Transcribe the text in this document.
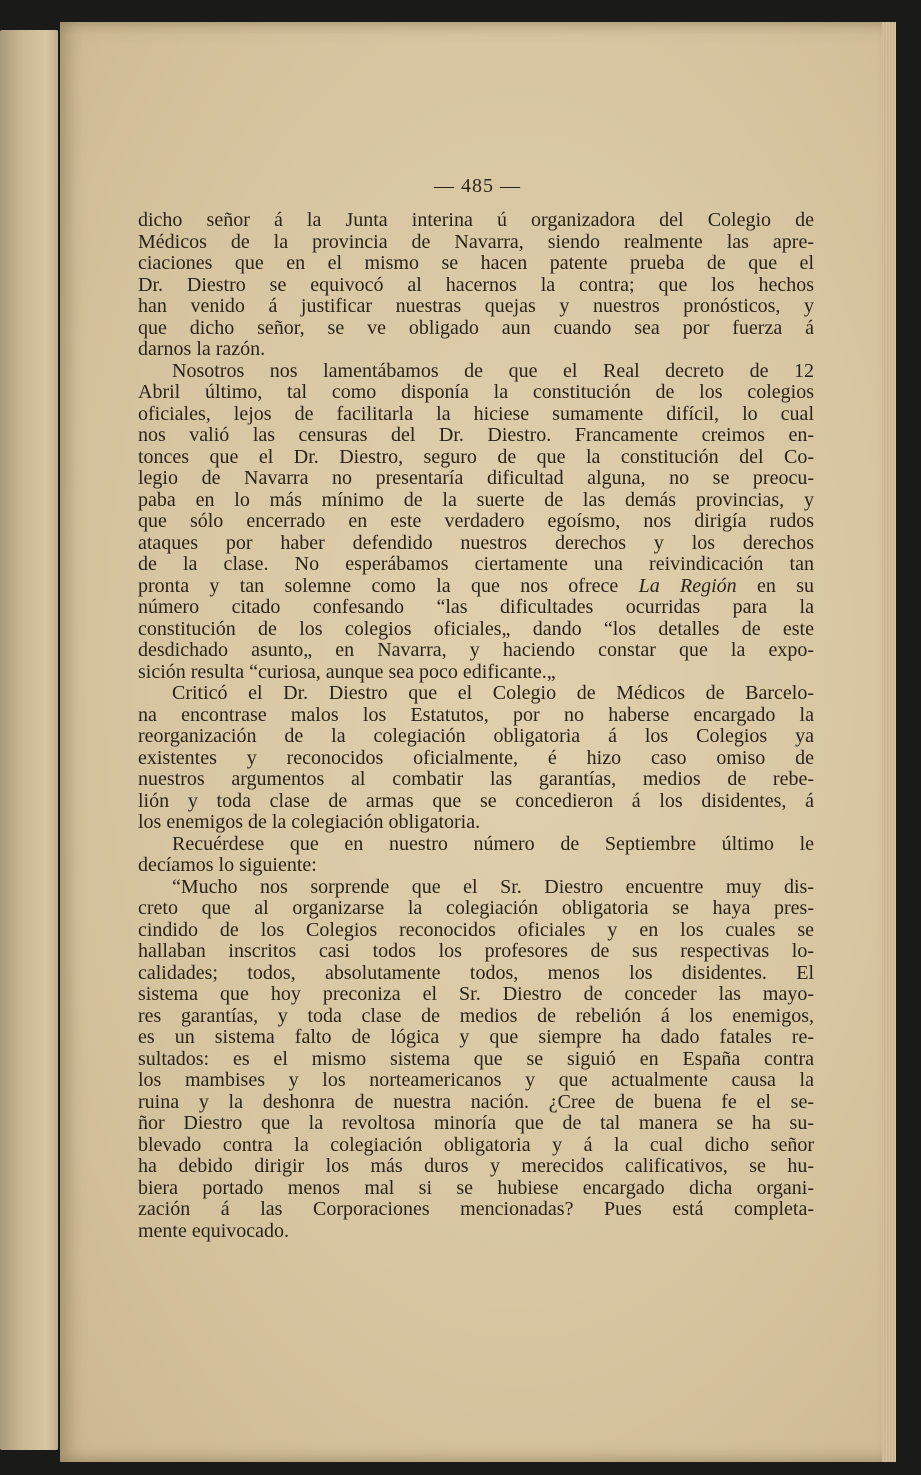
— 485 —
dicho señor á la Junta interina ú organizadora del Colegio de
Médicos de la provincia de Navarra, siendo realmente las apre-
ciaciones que en el mismo se hacen patente prueba de que el
Dr. Diestro se equivocó al hacernos la contra; que los hechos
han venido á justificar nuestras quejas y nuestros pronósticos, y
que dicho señor, se ve obligado aun cuando sea por fuerza á
darnos la razón.
Nosotros nos lamentábamos de que el Real decreto de 12
Abril último, tal como disponía la constitución de los colegios
oficiales, lejos de facilitarla la hiciese sumamente difícil, lo cual
nos valió las censuras del Dr. Diestro. Francamente creimos en-
tonces que el Dr. Diestro, seguro de que la constitución del Co-
legio de Navarra no presentaría dificultad alguna, no se preocu-
paba en lo más mínimo de la suerte de las demás provincias, y
que sólo encerrado en este verdadero egoísmo, nos dirigía rudos
ataques por haber defendido nuestros derechos y los derechos
de la clase. No esperábamos ciertamente una reivindicación tan
pronta y tan solemne como la que nos ofrece La Región en su
número citado confesando “las dificultades ocurridas para la
constitución de los colegios oficiales„ dando “los detalles de este
desdichado asunto„ en Navarra, y haciendo constar que la expo-
sición resulta “curiosa, aunque sea poco edificante.„
Criticó el Dr. Diestro que el Colegio de Médicos de Barcelo-
na encontrase malos los Estatutos, por no haberse encargado la
reorganización de la colegiación obligatoria á los Colegios ya
existentes y reconocidos oficialmente, é hizo caso omiso de
nuestros argumentos al combatir las garantías, medios de rebe-
lión y toda clase de armas que se concedieron á los disidentes, á
los enemigos de la colegiación obligatoria.
Recuérdese que en nuestro número de Septiembre último le
decíamos lo siguiente:
“Mucho nos sorprende que el Sr. Diestro encuentre muy dis-
creto que al organizarse la colegiación obligatoria se haya pres-
cindido de los Colegios reconocidos oficiales y en los cuales se
hallaban inscritos casi todos los profesores de sus respectivas lo-
calidades; todos, absolutamente todos, menos los disidentes. El
sistema que hoy preconiza el Sr. Diestro de conceder las mayo-
res garantías, y toda clase de medios de rebelión á los enemigos,
es un sistema falto de lógica y que siempre ha dado fatales re-
sultados: es el mismo sistema que se siguió en España contra
los mambises y los norteamericanos y que actualmente causa la
ruina y la deshonra de nuestra nación. ¿Cree de buena fe el se-
ñor Diestro que la revoltosa minoría que de tal manera se ha su-
blevado contra la colegiación obligatoria y á la cual dicho señor
ha debido dirigir los más duros y merecidos calificativos, se hu-
biera portado menos mal si se hubiese encargado dicha organi-
zación á las Corporaciones mencionadas? Pues está completa-
mente equivocado.
